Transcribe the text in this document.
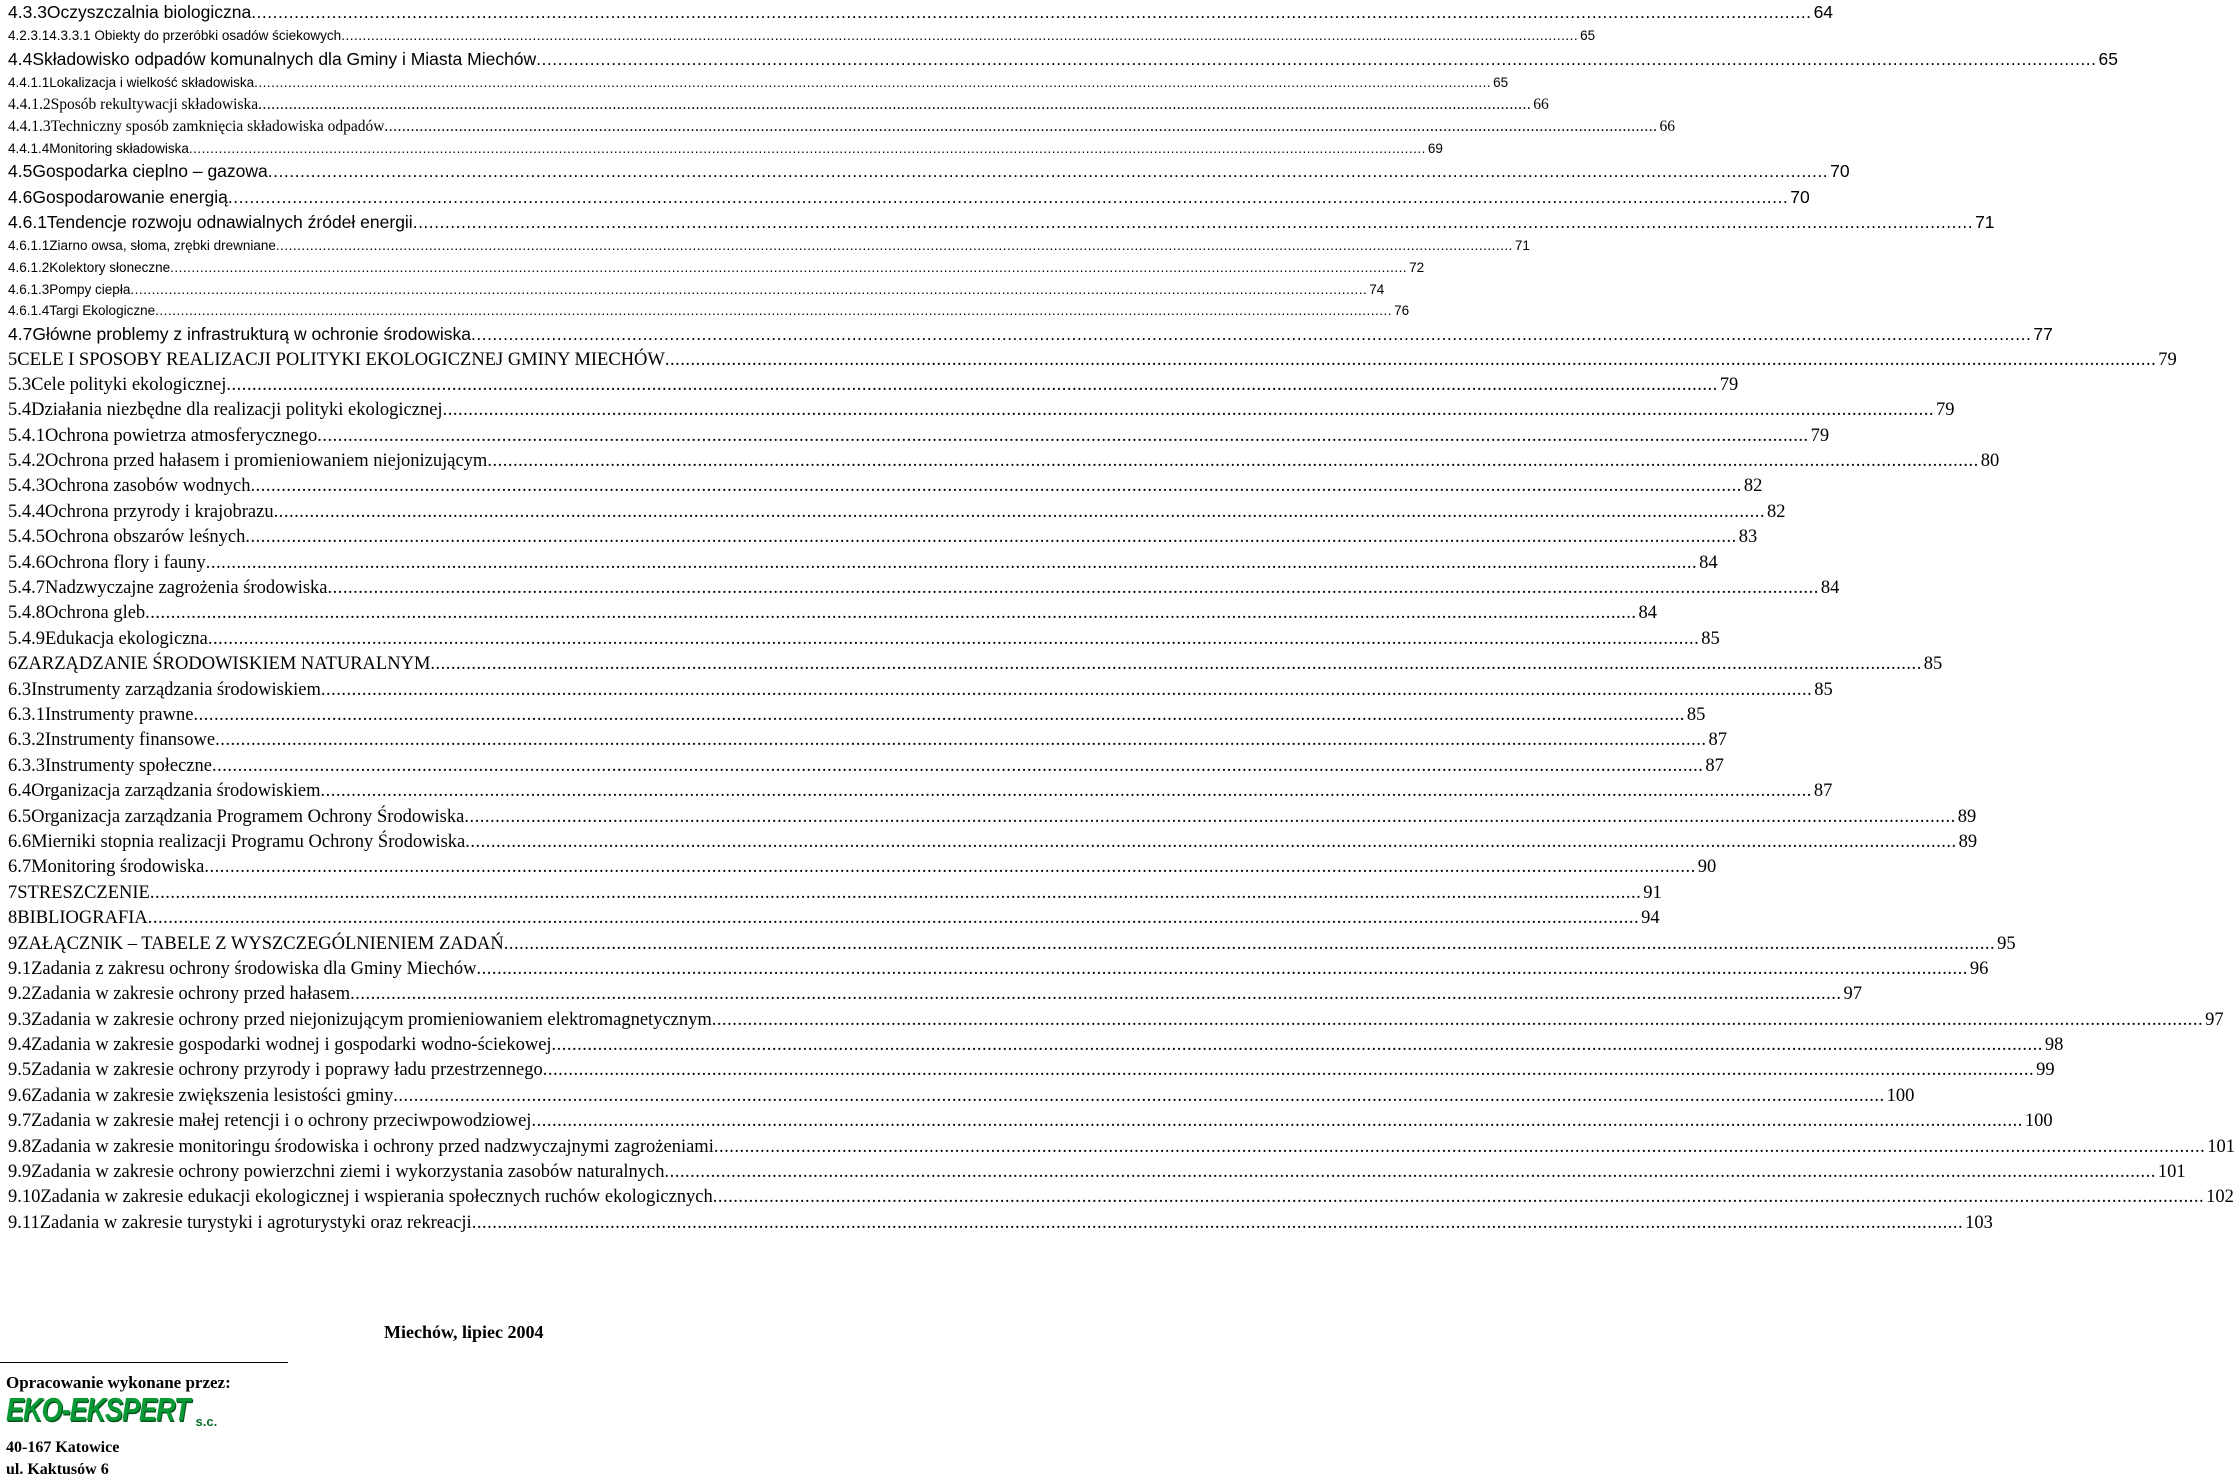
4.3.3Oczyszczalnia biologiczna .....	64
4.2.3.14.3.3.1 Obiekty do przeróbki osadów ściekowych .....	65
4.4Składowisko odpadów komunalnych dla Gminy i Miasta Miechów .....	65
4.4.1.1Lokalizacja i wielkość składowiska .....	65
4.4.1.2Sposób rekultywacji składowiska .....	66
4.4.1.3Techniczny sposób zamknięcia składowiska odpadów .....	66
4.4.1.4Monitoring składowiska .....	69
4.5Gospodarka cieplno – gazowa .....	70
4.6Gospodarowanie energią .....	70
4.6.1Tendencje rozwoju odnawialnych źródeł energii .....	71
4.6.1.1Ziarno owsa, słoma, zrębki drewniane .....	71
4.6.1.2Kolektory słoneczne .....	72
4.6.1.3Pompy ciepła .....	74
4.6.1.4Targi Ekologiczne .....	76
4.7Główne problemy z infrastrukturą w ochronie środowiska .....	77
5CELE I SPOSOBY REALIZACJI POLITYKI EKOLOGICZNEJ GMINY MIECHÓW .....	79
5.3Cele polityki ekologicznej .....	79
5.4Działania niezbędne dla realizacji polityki ekologicznej .....	79
5.4.1Ochrona powietrza atmosferycznego .....	79
5.4.2Ochrona przed hałasem i promieniowaniem niejonizującym .....	80
5.4.3Ochrona zasobów wodnych .....	82
5.4.4Ochrona przyrody i krajobrazu .....	82
5.4.5Ochrona obszarów leśnych .....	83
5.4.6Ochrona flory i fauny .....	84
5.4.7Nadzwyczajne zagrożenia środowiska .....	84
5.4.8Ochrona gleb .....	84
5.4.9Edukacja ekologiczna .....	85
6ZARZĄDZANIE ŚRODOWISKIEM NATURALNYM .....	85
6.3Instrumenty zarządzania środowiskiem .....	85
6.3.1Instrumenty prawne .....	85
6.3.2Instrumenty finansowe .....	87
6.3.3Instrumenty społeczne .....	87
6.4Organizacja zarządzania środowiskiem .....	87
6.5Organizacja zarządzania Programem Ochrony Środowiska .....	89
6.6Mierniki stopnia realizacji Programu Ochrony Środowiska .....	89
6.7Monitoring środowiska .....	90
7STRESZCZENIE .....	91
8BIBLIOGRAFIA .....	94
9ZAŁĄCZNIK – TABELE Z WYSZCZEGÓLNIENIEM ZADAŃ .....	95
9.1Zadania z zakresu ochrony środowiska dla Gminy Miechów .....	96
9.2Zadania w zakresie ochrony przed hałasem .....	97
9.3Zadania w zakresie ochrony przed niejonizującym promieniowaniem elektromagnetycznym .....	97
9.4Zadania w zakresie gospodarki wodnej i gospodarki wodno-ściekowej .....	98
9.5Zadania w zakresie ochrony przyrody i poprawy ładu przestrzennego .....	99
9.6Zadania w zakresie zwiększenia lesistości gminy .....	100
9.7Zadania w zakresie małej retencji i o ochrony przeciwpowodziowej .....	100
9.8Zadania w zakresie monitoringu środowiska i ochrony przed nadzwyczajnymi zagrożeniami .....	101
9.9Zadania w zakresie ochrony powierzchni ziemi i wykorzystania zasobów naturalnych .....	101
9.10Zadania w zakresie edukacji ekologicznej i wspierania społecznych ruchów ekologicznych .....	102
9.11Zadania w zakresie turystyki i agroturystyki oraz rekreacji .....	103
Miechów, lipiec 2004
Opracowanie wykonane przez:
EKO-EKSPERT s.c.
40-167 Katowice
ul. Kaktusów 6
